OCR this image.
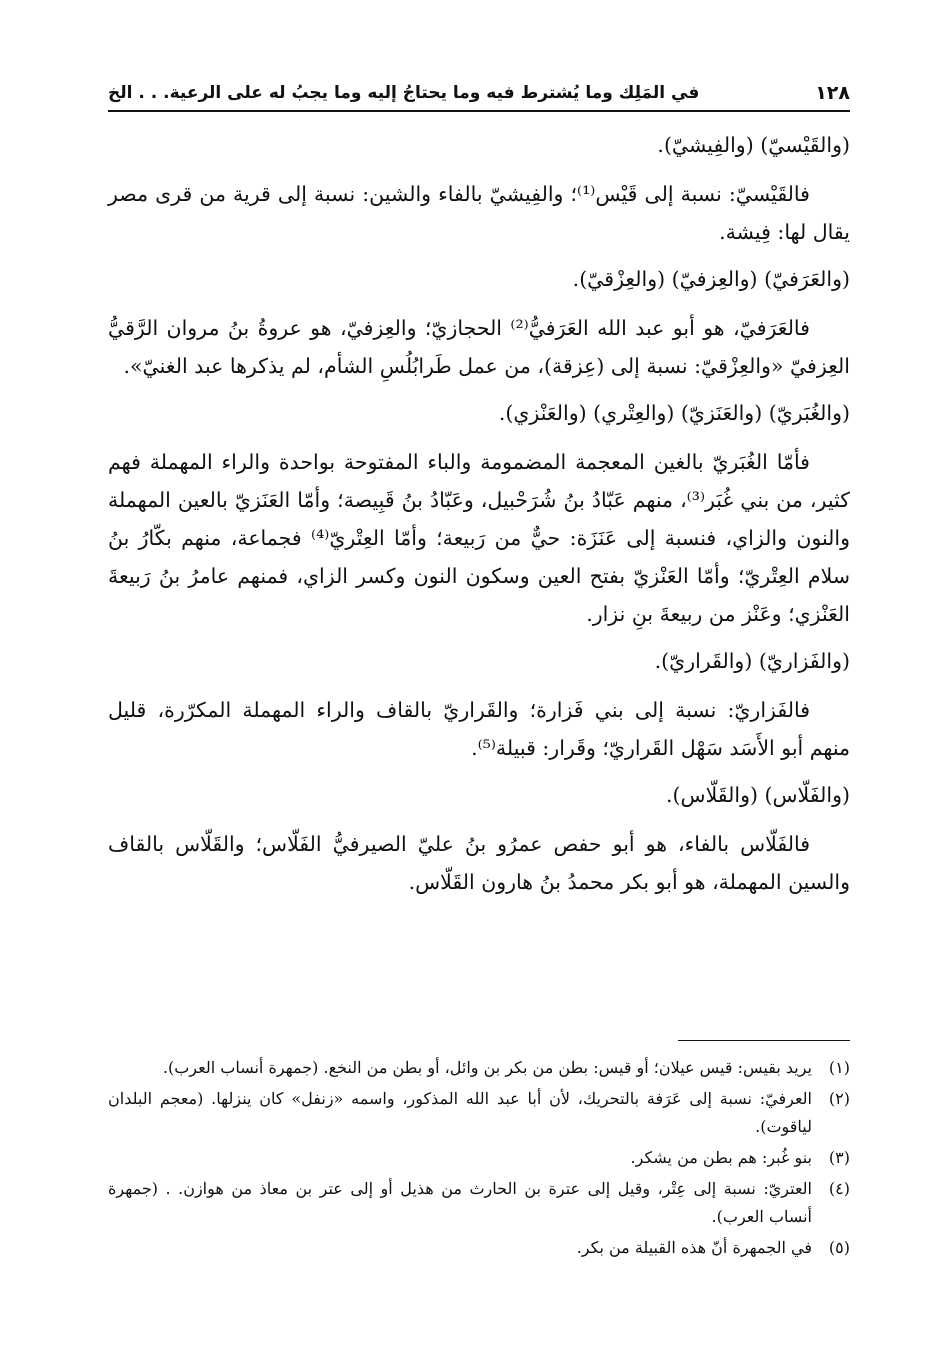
١٢٨
في المَلِك وما يُشترط فيه وما يحتاجُ إليه وما يجبُ له على الرعية. . . الخ

(والقَيْسيّ) (والفِيشيّ).

فالقَيْسيّ: نسبة إلى قَيْس⁽¹⁾؛ والفِيشيّ بالفاء والشين: نسبة إلى قرية من قرى مصر يقال لها: فِيشة.

(والعَرَفيّ) (والعِزفيّ) (والعِزْقيّ).

فالعَرَفيّ، هو أبو عبد الله العَرَفيُّ⁽²⁾ الحجازيّ؛ والعِزفيّ، هو عروةُ بنُ مروان الرَّقيُّ العِزفيّ «والعِزْقيّ: نسبة إلى (عِزقة)، من عمل طَرابُلُسِ الشأم، لم يذكرها عبد الغنيّ».

(والغُبَريّ) (والعَنَزيّ) (والعِتْري) (والعَنْزي).

فأمّا الغُبَريّ بالغين المعجمة المضمومة والباء المفتوحة بواحدة والراء المهملة فهم كثير، من بني غُبَر⁽³⁾، منهم عَبّادُ بنُ شُرَحْبيل، وعَبّادُ بنُ قَبِيصة؛ وأمّا العَنَزيّ بالعين المهملة والنون والزاي، فنسبة إلى عَنَزَة: حيٌّ من رَبيعة؛ وأمّا العِتْريّ⁽⁴⁾ فجماعة، منهم بكّارُ بنُ سلام العِتْريّ؛ وأمّا العَنْزيّ بفتح العين وسكون النون وكسر الزاي، فمنهم عامرُ بنُ رَبيعةَ العَنْزي؛ وعَنْز من ربيعةَ بنِ نزار.

(والفَزاريّ) (والقَراريّ).

فالفَزاريّ: نسبة إلى بني فَزارة؛ والقَراريّ بالقاف والراء المهملة المكرّرة، قليل منهم أبو الأَسَد سَهْل القَراريّ؛ وقَرار: قبيلة⁽⁵⁾.

(والفَلّاس) (والقَلّاس).

فالفَلّاس بالفاء، هو أبو حفص عمرُو بنُ عليّ الصيرفيُّ الفَلّاس؛ والقَلّاس بالقاف والسين المهملة، هو أبو بكر محمدُ بنُ هارون القَلّاس.

(١)
يريد بقيس: قيس عيلان؛ أو قيس: بطن من بكر بن وائل، أو بطن من النخع. (جمهرة أنساب العرب).
(٢)
العرفيّ: نسبة إلى عَرَفة بالتحريك، لأن أبا عبد الله المذكور، واسمه «زنفل» كان ينزلها. (معجم البلدان لياقوت).
(٣)
بنو غُبر: هم بطن من يشكر.
(٤)
العتريّ: نسبة إلى عِتْر، وقيل إلى عترة بن الحارث من هذيل أو إلى عتر بن معاذ من هوازن. . (جمهرة أنساب العرب).
(٥)
في الجمهرة أنّ هذه القبيلة من بكر.
